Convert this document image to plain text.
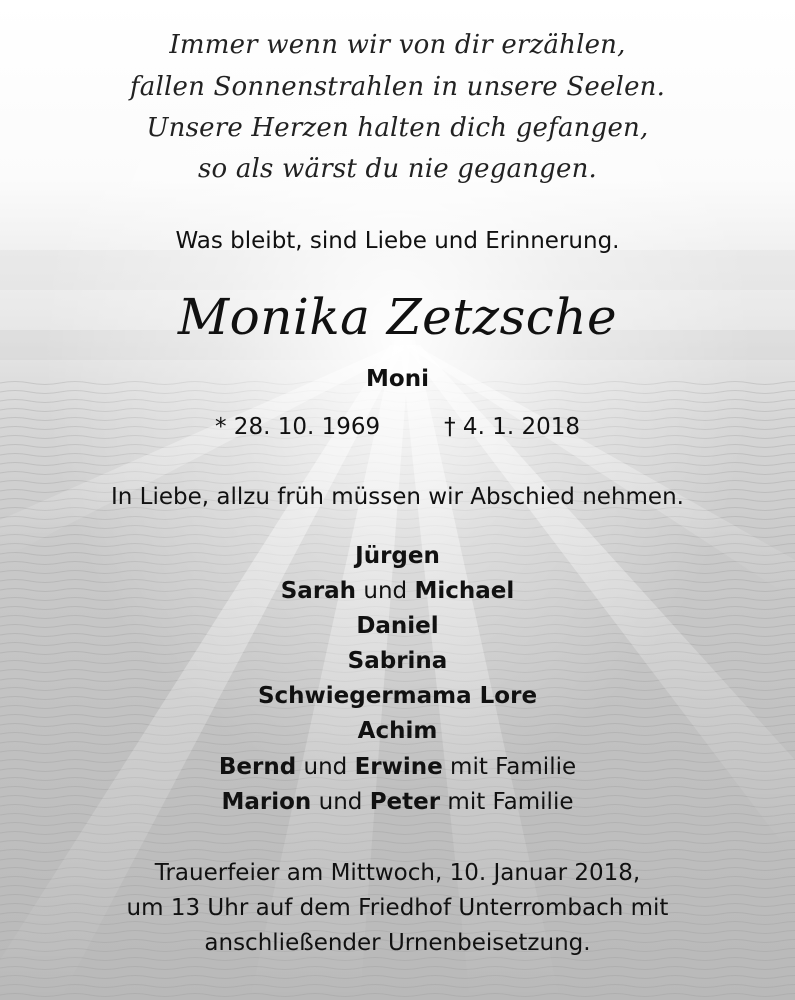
Immer wenn wir von dir erzählen,
fallen Sonnenstrahlen in unsere Seelen.
Unsere Herzen halten dich gefangen,
so als wärst du nie gegangen.
Was bleibt, sind Liebe und Erinnerung.
Monika Zetzsche
Moni
* 28. 10. 1969	† 4. 1. 2018
In Liebe, allzu früh müssen wir Abschied nehmen.
Jürgen
Sarah und Michael
Daniel
Sabrina
Schwiegermama Lore
Achim
Bernd und Erwine mit Familie
Marion und Peter mit Familie
Trauerfeier am Mittwoch, 10. Januar 2018,
um 13 Uhr auf dem Friedhof Unterrombach mit
anschließender Urnenbeisetzung.
